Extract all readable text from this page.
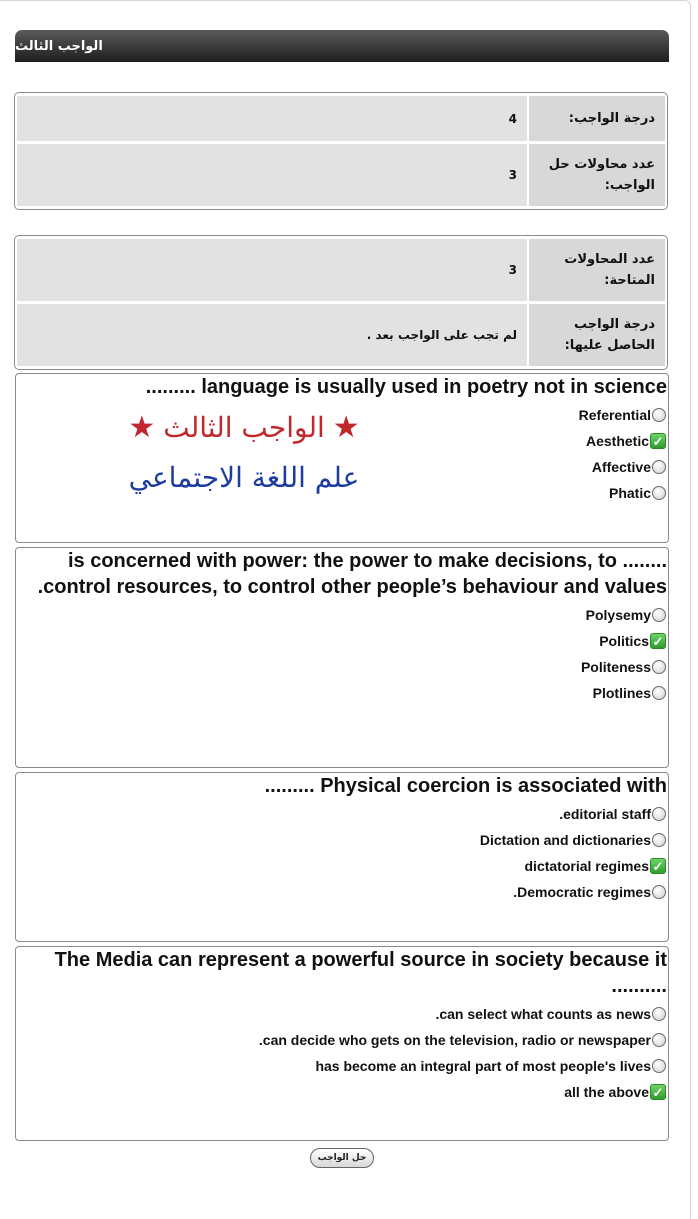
الواجب الثالث
درجة الواجب:
4
عدد محاولات حل الواجب:
3
عدد المحاولات المتاحة:
3
درجة الواجب الحاصل عليها:
لم تجب على الواجب بعد .
language is usually used in poetry not in science .........
Referential
Aesthetic ✓
Affective
Phatic
★
الواجب الثالث
★
علم اللغة الاجتماعي
........ is concerned with power: the power to make decisions, to control resources, to control other people’s behaviour and values.
Polysemy
Politics ✓
Politeness
Plotlines
Physical coercion is associated with .........
editorial staff.
Dictation and dictionaries
dictatorial regimes ✓
Democratic regimes.
The Media can represent a powerful source in society because it ..........
can select what counts as news.
can decide who gets on the television, radio or newspaper.
has become an integral part of most people's lives
all the above ✓
حل الواجب
